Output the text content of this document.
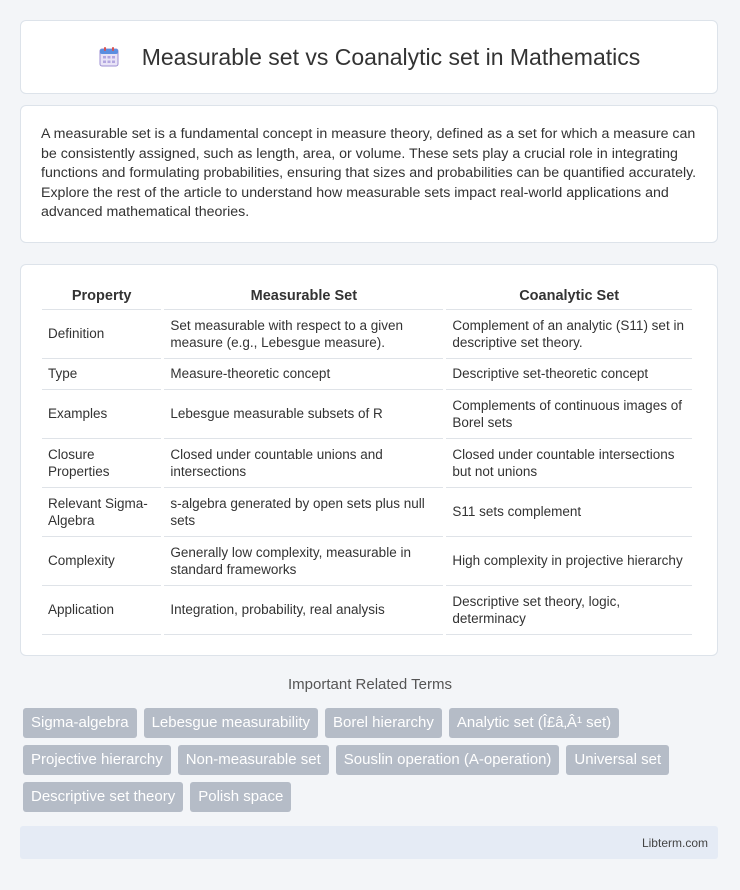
Measurable set vs Coanalytic set in Mathematics

A measurable set is a fundamental concept in measure theory, defined as a set for which a measure can be consistently assigned, such as length, area, or volume. These sets play a crucial role in integrating functions and formulating probabilities, ensuring that sizes and probabilities can be quantified accurately. Explore the rest of the article to understand how measurable sets impact real-world applications and advanced mathematical theories.

Property	Measurable Set	Coanalytic Set
Definition	Set measurable with respect to a given measure (e.g., Lebesgue measure).	Complement of an analytic (S11) set in descriptive set theory.
Type	Measure-theoretic concept	Descriptive set-theoretic concept
Examples	Lebesgue measurable subsets of R	Complements of continuous images of Borel sets
Closure Properties	Closed under countable unions and intersections	Closed under countable intersections but not unions
Relevant Sigma-Algebra	s-algebra generated by open sets plus null sets	S11 sets complement
Complexity	Generally low complexity, measurable in standard frameworks	High complexity in projective hierarchy
Application	Integration, probability, real analysis	Descriptive set theory, logic, determinacy
Important Related Terms
Sigma-algebra	Lebesgue measurability	Borel hierarchy	Analytic set (Î£â‚Â¹ set)
Projective hierarchy	Non-measurable set	Souslin operation (A-operation)	Universal set
Descriptive set theory	Polish space
Libterm.com
